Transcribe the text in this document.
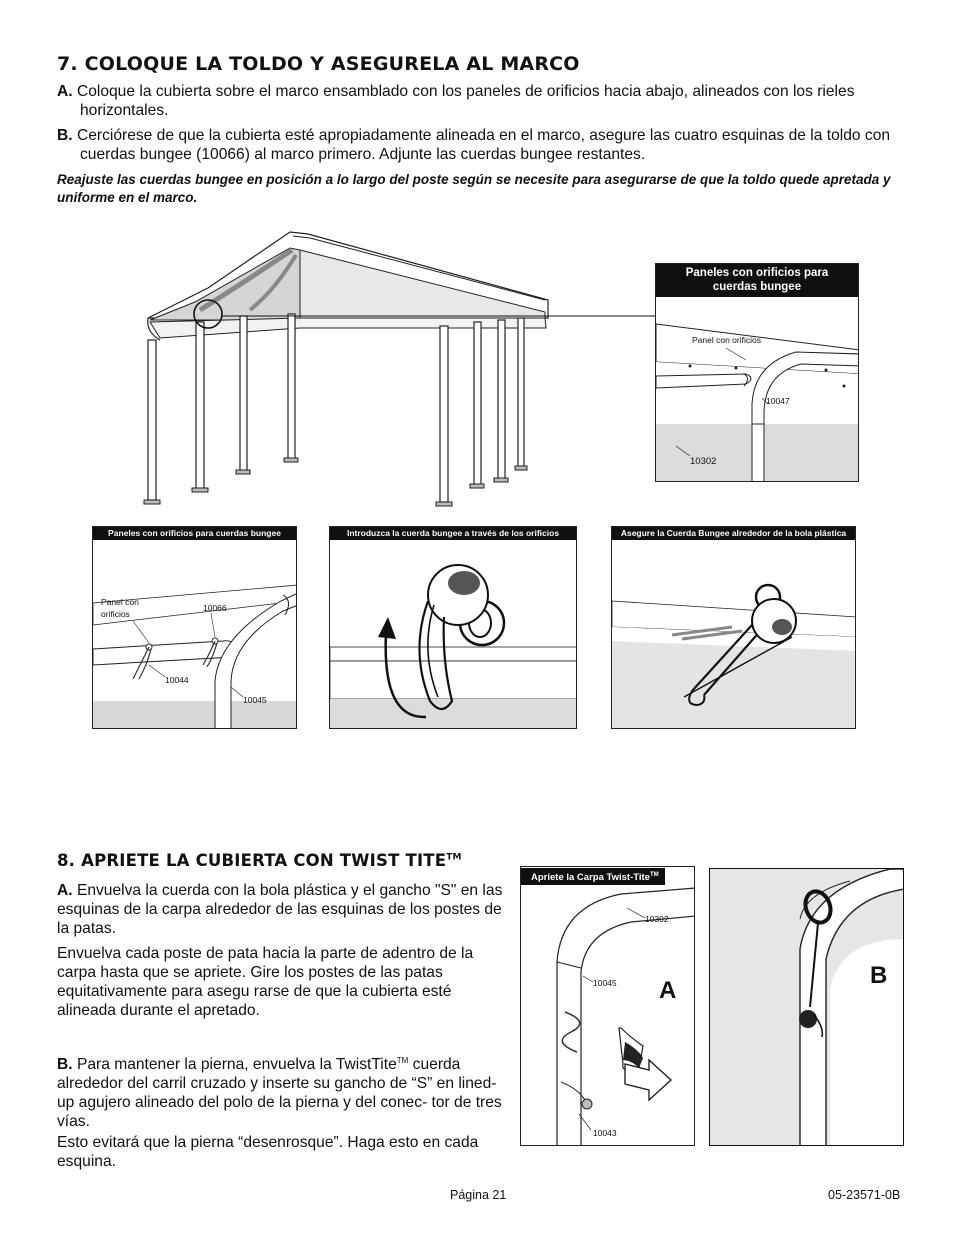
7. COLOQUE LA TOLDO Y ASEGURELA AL MARCO
A. Coloque la cubierta sobre el marco ensamblado con los paneles de orificios hacia abajo, alineados con los rieles horizontales.
B. Cerciórese de que la cubierta esté apropiadamente alineada en el marco, asegure las cuatro esquinas de la toldo con cuerdas bungee (10066) al marco primero. Adjunte las cuerdas bungee restantes.
Reajuste las cuerdas bungee en posición a lo largo del poste según se necesite para asegurarse de que la toldo quede apretada y uniforme en el marco.
Paneles con orificios para
cuerdas bungee
Panel con orificios
10047
10302
Paneles con orificios para cuerdas bungee
Panel con
orificios
10066
10044
10045
Introduzca la cuerda bungee a través de los orificios	Asegure la Cuerda Bungee alrededor de la bola plástica
8. APRIETE LA CUBIERTA CON TWIST TITE™
A. Envuelva la cuerda con la bola plástica y el gancho "S" en las esquinas de la carpa alrededor de las esquinas de los postes de la patas.
Envuelva cada poste de pata hacia la parte de adentro de la carpa hasta que se apriete. Gire los postes de las patas equitativamente para asegu rarse de que la cubierta esté alineada durante el apretado.
B. Para mantener la pierna, envuelva la TwistTite™ cuerda alrededor del carril cruzado y inserte su gancho de “S” en lined-up agujero alineado del polo de la pierna y del conec- tor de tres vías.
Esto evitará que la pierna “desenrosque”. Haga esto en cada esquina.
Apriete la Carpa Twist-Tite™
10302
10045
10043
A
B
Página 21	05-23571-0B
